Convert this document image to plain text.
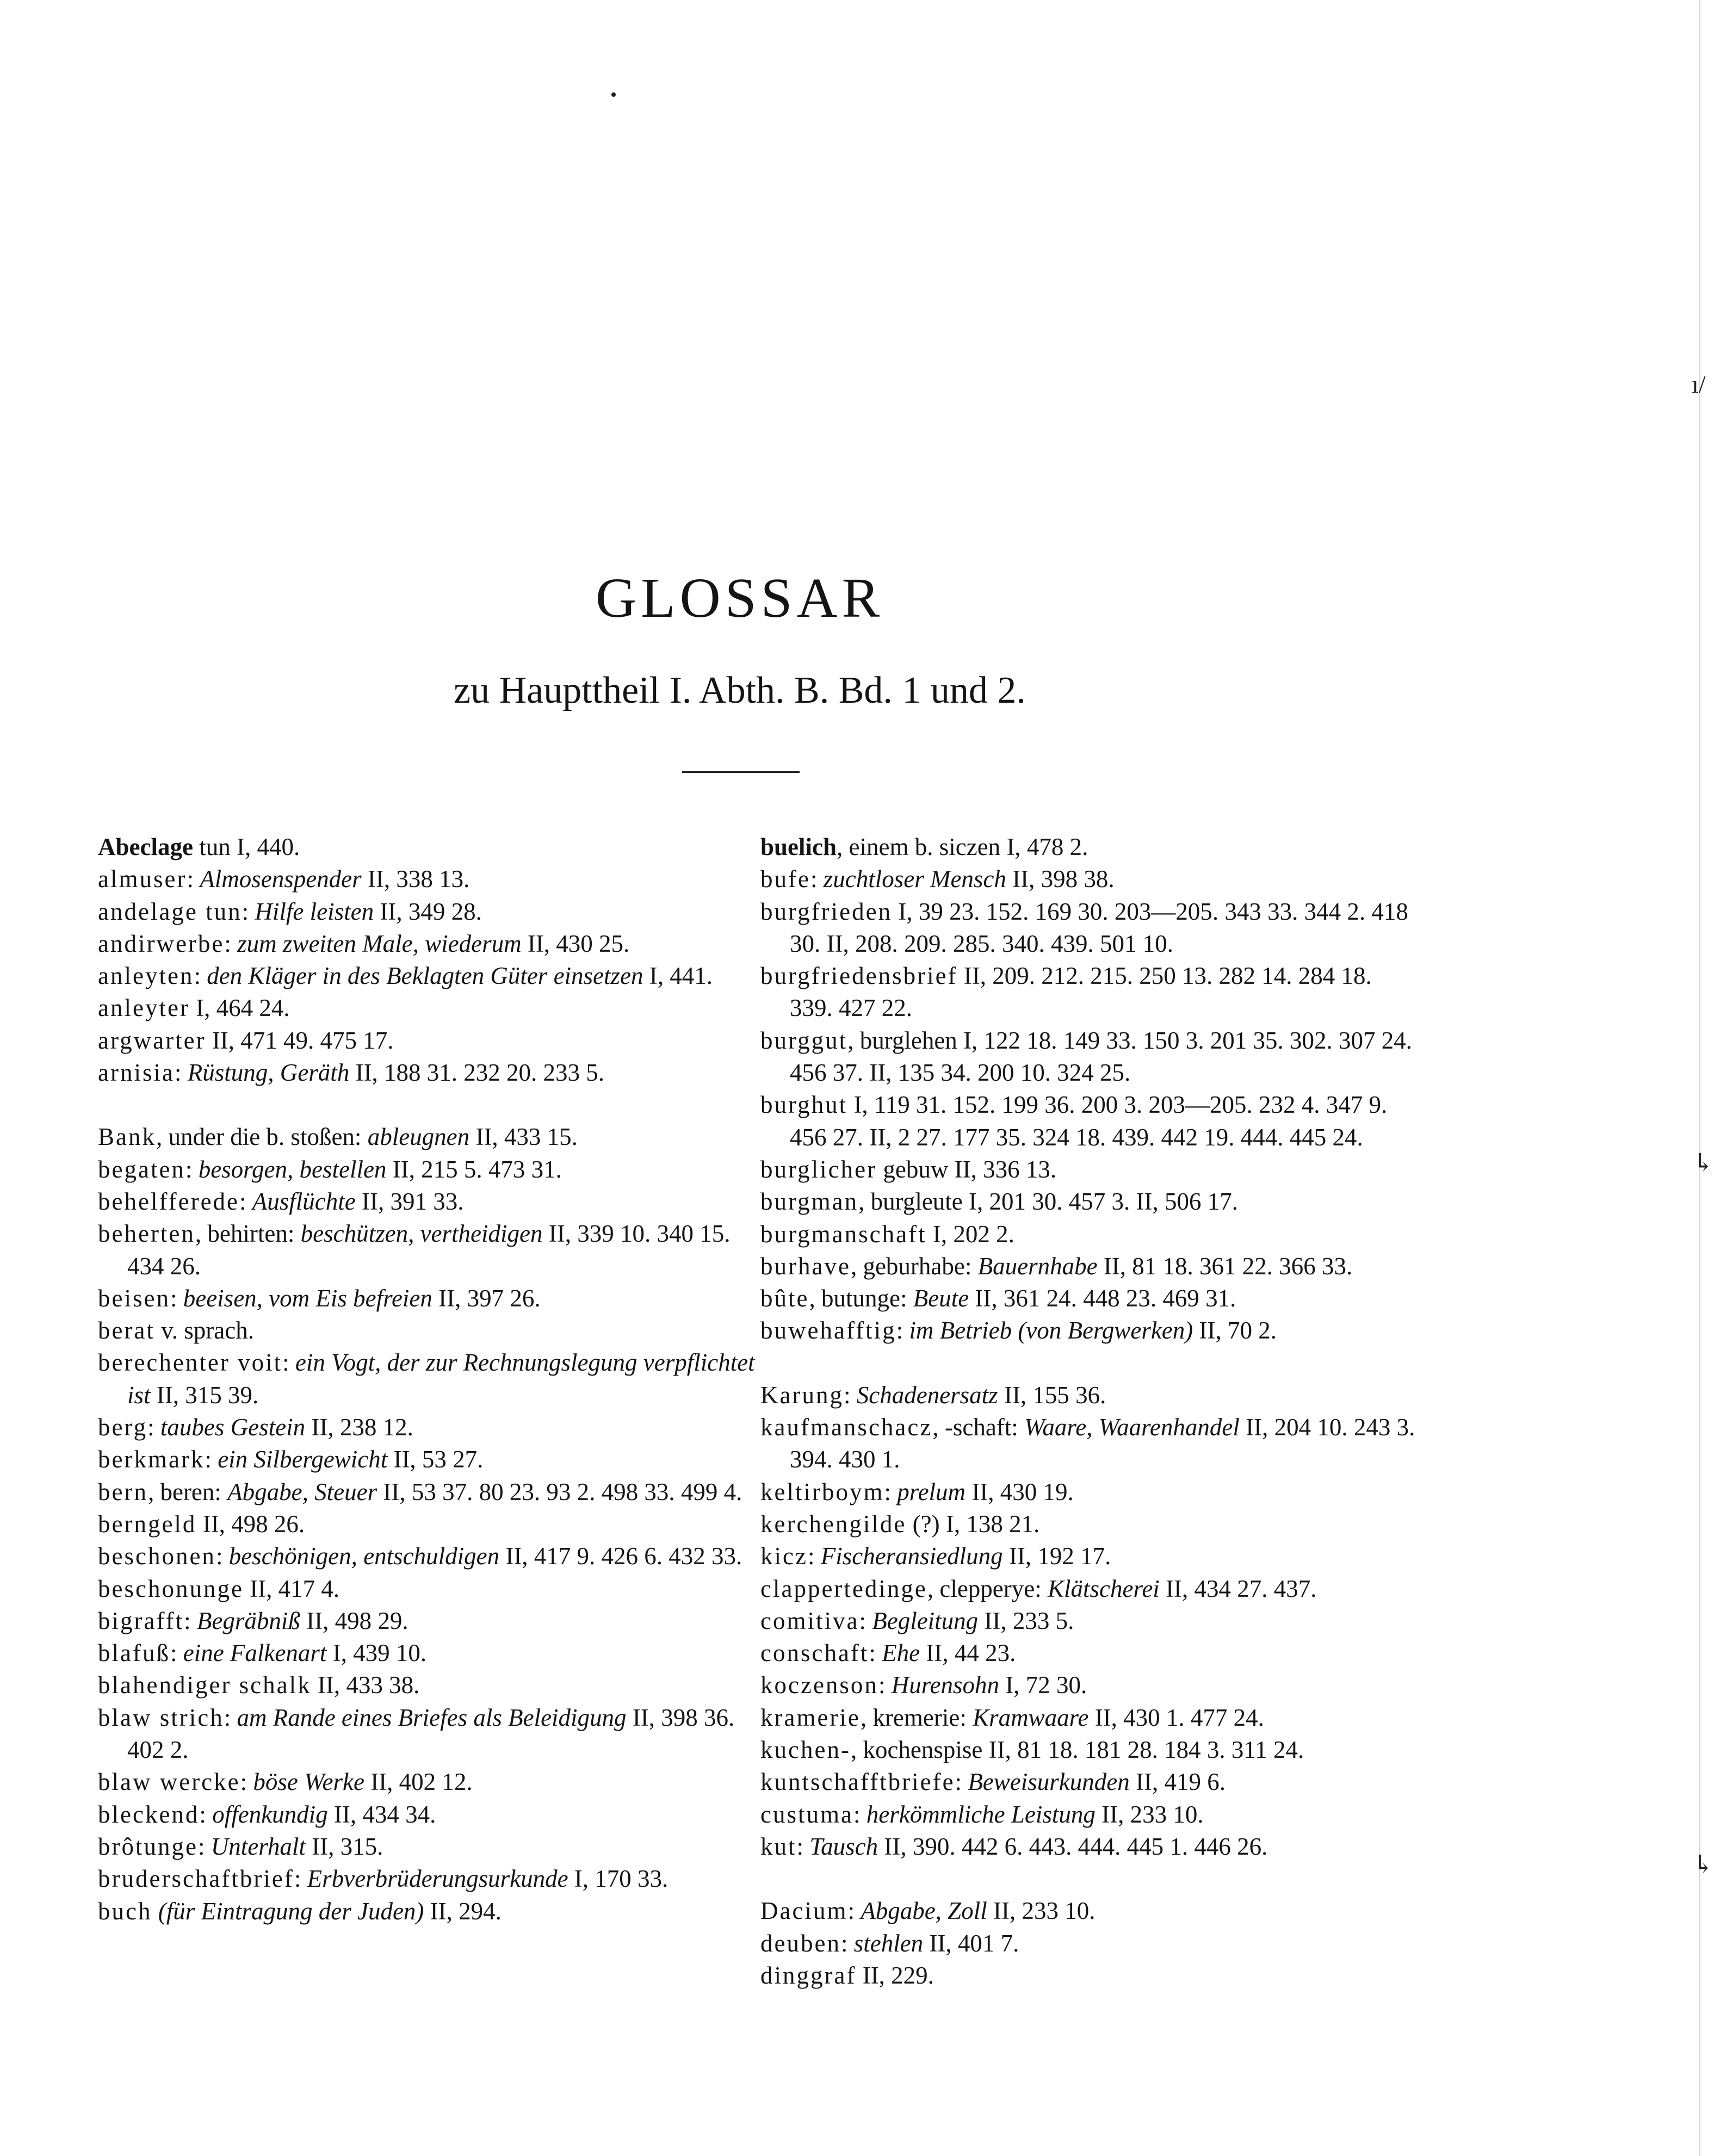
ı/
↳
↳
GLOSSAR
zu Haupttheil I. Abth. B. Bd. 1 und 2.

Abeclage tun I, 440.

almuser: Almosenspender II, 338 13.

andelage tun: Hilfe leisten II, 349 28.

andirwerbe: zum zweiten Male, wiederum II, 430 25.

anleyten: den Kläger in des Beklagten Güter einsetzen I, 441.

anleyter I, 464 24.

argwarter II, 471 49. 475 17.

arnisia: Rüstung, Geräth II, 188 31. 232 20. 233 5.

Bank, under die b. stoßen: ableugnen II, 433 15.

begaten: besorgen, bestellen II, 215 5. 473 31.

behelfferede: Ausflüchte II, 391 33.

beherten, behirten: beschützen, vertheidigen II, 339 10. 340 15. 434 26.

beisen: beeisen, vom Eis befreien II, 397 26.

berat v. sprach.

berechenter voit: ein Vogt, der zur Rechnungslegung verpflichtet ist II, 315 39.

berg: taubes Gestein II, 238 12.

berkmark: ein Silbergewicht II, 53 27.

bern, beren: Abgabe, Steuer II, 53 37. 80 23. 93 2. 498 33. 499 4.

berngeld II, 498 26.

beschonen: beschönigen, entschuldigen II, 417 9. 426 6. 432 33.

beschonunge II, 417 4.

bigrafft: Begräbniß II, 498 29.

blafuß: eine Falkenart I, 439 10.

blahendiger schalk II, 433 38.

blaw strich: am Rande eines Briefes als Beleidigung II, 398 36. 402 2.

blaw wercke: böse Werke II, 402 12.

bleckend: offenkundig II, 434 34.

brôtunge: Unterhalt II, 315.

bruderschaftbrief: Erbverbrüderungsurkunde I, 170 33.

buch (für Eintragung der Juden) II, 294.

buelich, einem b. siczen I, 478 2.

bufe: zuchtloser Mensch II, 398 38.

burgfrieden I, 39 23. 152. 169 30. 203—205. 343 33. 344 2. 418 30. II, 208. 209. 285. 340. 439. 501 10.

burgfriedensbrief II, 209. 212. 215. 250 13. 282 14. 284 18. 339. 427 22.

burggut, burglehen I, 122 18. 149 33. 150 3. 201 35. 302. 307 24. 456 37. II, 135 34. 200 10. 324 25.

burghut I, 119 31. 152. 199 36. 200 3. 203—205. 232 4. 347 9. 456 27. II, 2 27. 177 35. 324 18. 439. 442 19. 444. 445 24.

burglicher gebuw II, 336 13.

burgman, burgleute I, 201 30. 457 3. II, 506 17.

burgmanschaft I, 202 2.

burhave, geburhabe: Bauernhabe II, 81 18. 361 22. 366 33.

bûte, butunge: Beute II, 361 24. 448 23. 469 31.

buwehafftig: im Betrieb (von Bergwerken) II, 70 2.

Karung: Schadenersatz II, 155 36.

kaufmanschacz, -schaft: Waare, Waarenhandel II, 204 10. 243 3. 394. 430 1.

keltirboym: prelum II, 430 19.

kerchengilde (?) I, 138 21.

kicz: Fischeransiedlung II, 192 17.

clappertedinge, clepperye: Klätscherei II, 434 27. 437.

comitiva: Begleitung II, 233 5.

conschaft: Ehe II, 44 23.

koczenson: Hurensohn I, 72 30.

kramerie, kremerie: Kramwaare II, 430 1. 477 24.

kuchen-, kochenspise II, 81 18. 181 28. 184 3. 311 24.

kuntschafftbriefe: Beweisurkunden II, 419 6.

custuma: herkömmliche Leistung II, 233 10.

kut: Tausch II, 390. 442 6. 443. 444. 445 1. 446 26.

Dacium: Abgabe, Zoll II, 233 10.

deuben: stehlen II, 401 7.

dinggraf II, 229.
